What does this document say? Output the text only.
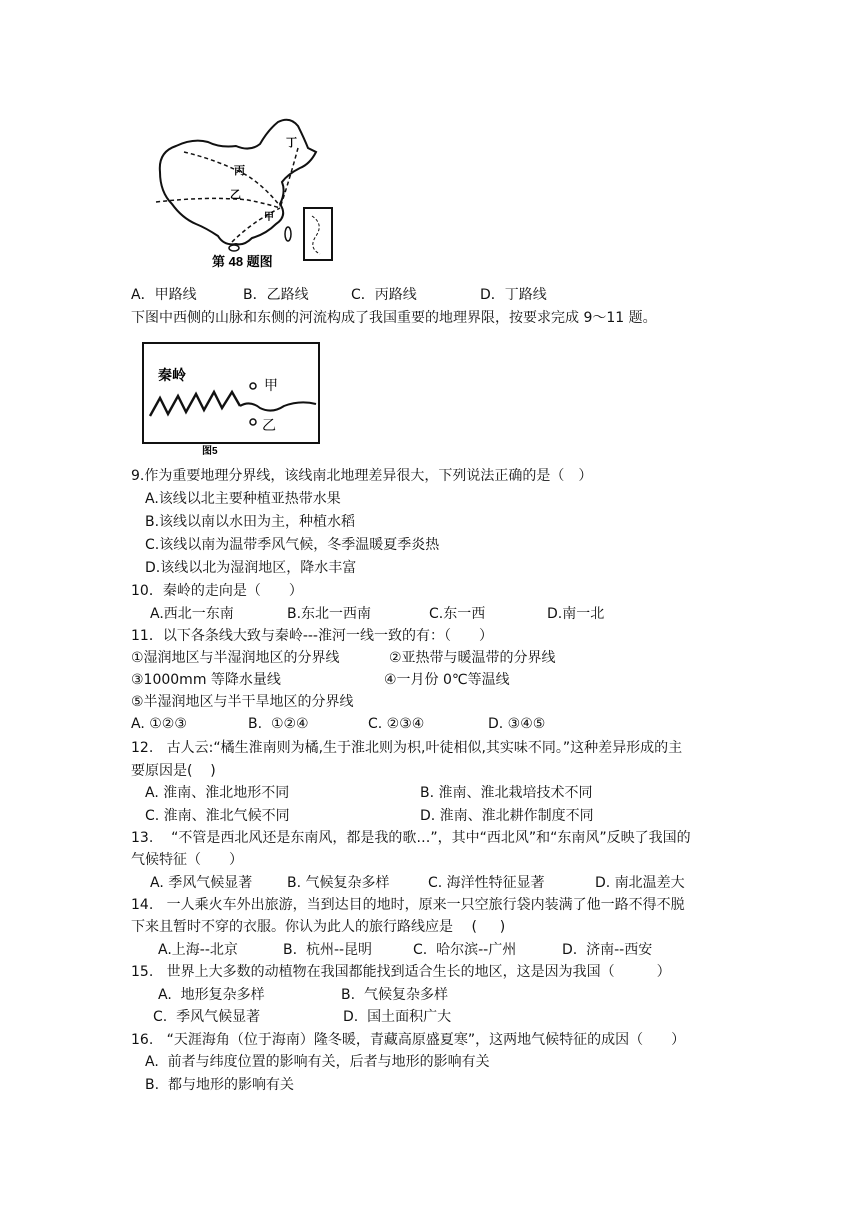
丁
丙
乙
甲
第 48 题图
A．甲路线	B．乙路线	C．丙路线	D．丁路线
下图中西侧的山脉和东侧的河流构成了我国重要的地理界限，按要求完成 9～11 题。
秦岭
甲
乙
图5
9.作为重要地理分界线，该线南北地理差异很大，下列说法正确的是（　）
A.该线以北主要种植亚热带水果
B.该线以南以水田为主，种植水稻
C.该线以南为温带季风气候，冬季温暖夏季炎热
D.该线以北为湿润地区，降水丰富
10．秦岭的走向是（　　）
A.西北一东南	B.东北一西南	C.东一西	D.南一北
11．以下各条线大致与秦岭---淮河一线一致的有：（　　）
①湿润地区与半湿润地区的分界线	②亚热带与暖温带的分界线
③1000mm 等降水量线	④一月份 0℃等温线
⑤半湿润地区与半干旱地区的分界线
A. ①②③	B.  ①②④	C. ②③④	D. ③④⑤
12.   古人云:“橘生淮南则为橘,生于淮北则为枳,叶徒相似,其实味不同。”这种差异形成的主
要原因是(    )
A. 淮南、淮北地形不同	B. 淮南、淮北栽培技术不同
C. 淮南、淮北气候不同	D. 淮南、淮北耕作制度不同
13.    “不管是西北风还是东南风，都是我的歌…”，其中“西北风”和“东南风”反映了我国的
气候特征（　　）
A. 季风气候显著 B. 气候复杂多样	C. 海洋性特征显著	D. 南北温差大
14.   一人乘火车外出旅游，当到达目的地时，原来一只空旅行袋内装满了他一路不得不脱
下来且暂时不穿的衣服。你认为此人的旅行路线应是　 (　  )
A.上海--北京	B.  杭州--昆明	C.  哈尔滨--广州	D.  济南--西安
15.   世界上大多数的动植物在我国都能找到适合生长的地区，这是因为我国（　　　）
A.  地形复杂多样	B.  气候复杂多样
C.  季风气候显著	D.  国土面积广大
16.   “天涯海角（位于海南）隆冬暖，青藏高原盛夏寒”，这两地气候特征的成因（　　）
A.  前者与纬度位置的影响有关，后者与地形的影响有关
B.  都与地形的影响有关
